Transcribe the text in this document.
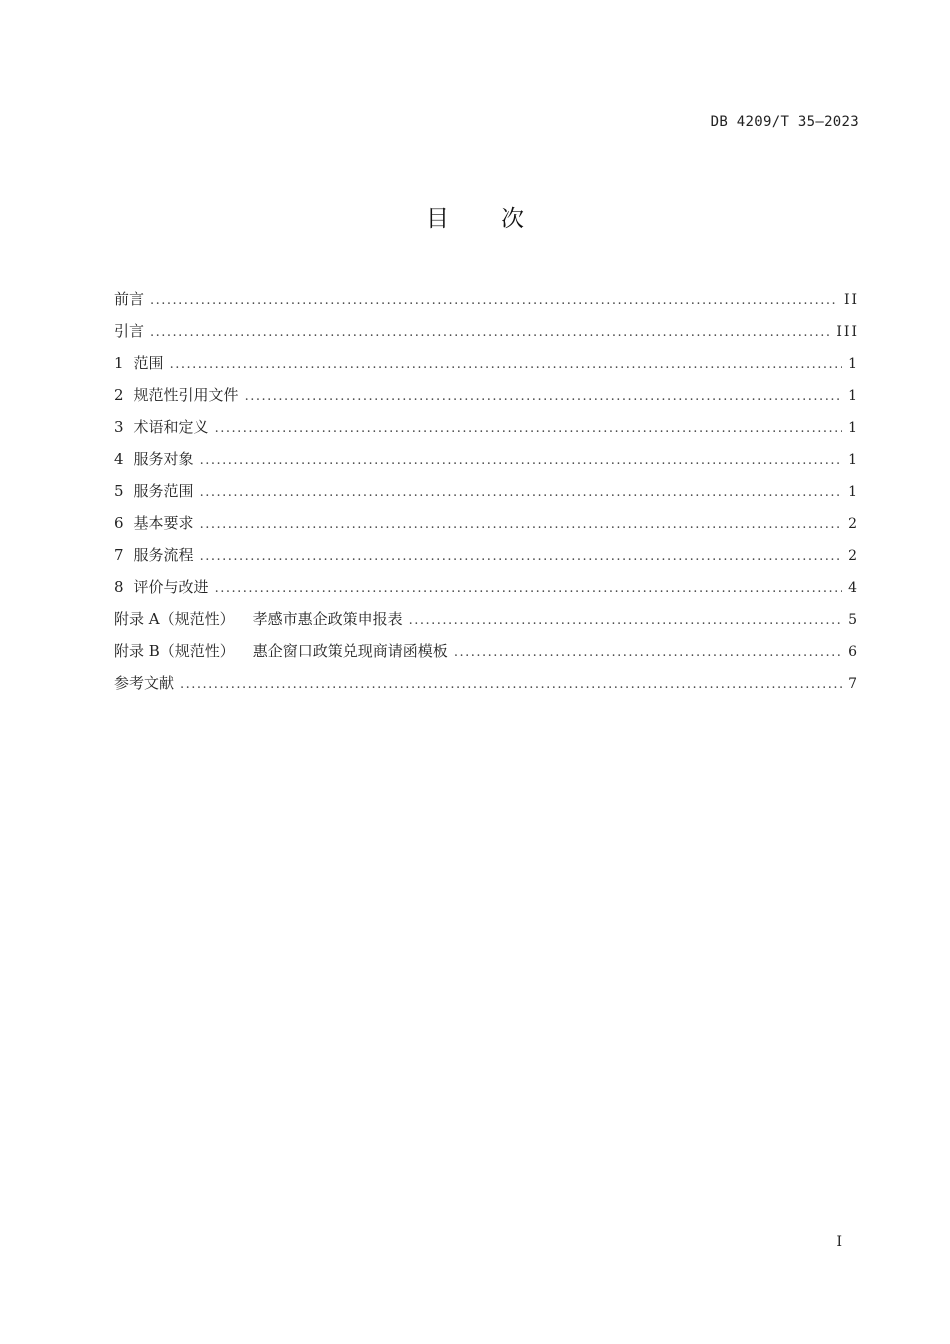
DB 4209/T 35—2023
目 次
前言 .....	II
引言 .....	III
1 范围 .....	1
2 规范性引用文件 .....	1
3 术语和定义 .....	1
4 服务对象 .....	1
5 服务范围 .....	1
6 基本要求 .....	2
7 服务流程 .....	2
8 评价与改进 .....	4
附录 A（规范性） 孝感市惠企政策申报表 .....	5
附录 B（规范性） 惠企窗口政策兑现商请函模板 .....	6
参考文献 .....	7
I
